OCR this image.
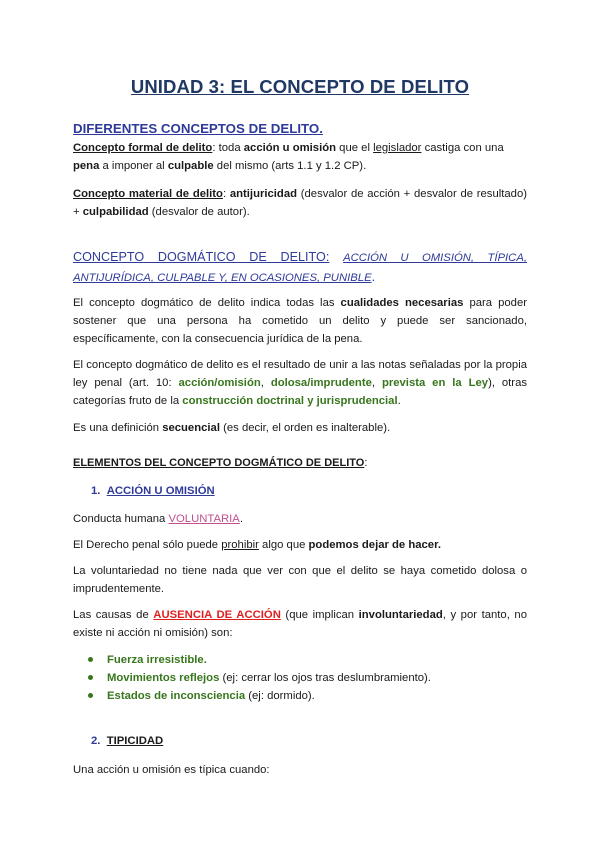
UNIDAD 3: EL CONCEPTO DE DELITO
DIFERENTES CONCEPTOS DE DELITO.
Concepto formal de delito: toda acción u omisión que el legislador castiga con una pena a imponer al culpable del mismo (arts 1.1 y 1.2 CP).
Concepto material de delito: antijuricidad (desvalor de acción + desvalor de resultado) + culpabilidad (desvalor de autor).
CONCEPTO DOGMÁTICO DE DELITO: ACCIÓN U OMISIÓN, TÍPICA, ANTIJURÍDICA, CULPABLE Y, EN OCASIONES, PUNIBLE.
El concepto dogmático de delito indica todas las cualidades necesarias para poder sostener que una persona ha cometido un delito y puede ser sancionado, específicamente, con la consecuencia jurídica de la pena.
El concepto dogmático de delito es el resultado de unir a las notas señaladas por la propia ley penal (art. 10: acción/omisión, dolosa/imprudente, prevista en la Ley), otras categorías fruto de la construcción doctrinal y jurisprudencial.
Es una definición secuencial (es decir, el orden es inalterable).
ELEMENTOS DEL CONCEPTO DOGMÁTICO DE DELITO:
1. ACCIÓN U OMISIÓN
Conducta humana VOLUNTARIA.
El Derecho penal sólo puede prohibir algo que podemos dejar de hacer.
La voluntariedad no tiene nada que ver con que el delito se haya cometido dolosa o imprudentemente.
Las causas de AUSENCIA DE ACCIÓN (que implican involuntariedad, y por tanto, no existe ni acción ni omisión) son:
Fuerza irresistible.
Movimientos reflejos (ej: cerrar los ojos tras deslumbramiento).
Estados de inconsciencia (ej: dormido).
2. TIPICIDAD
Una acción u omisión es típica cuando:
